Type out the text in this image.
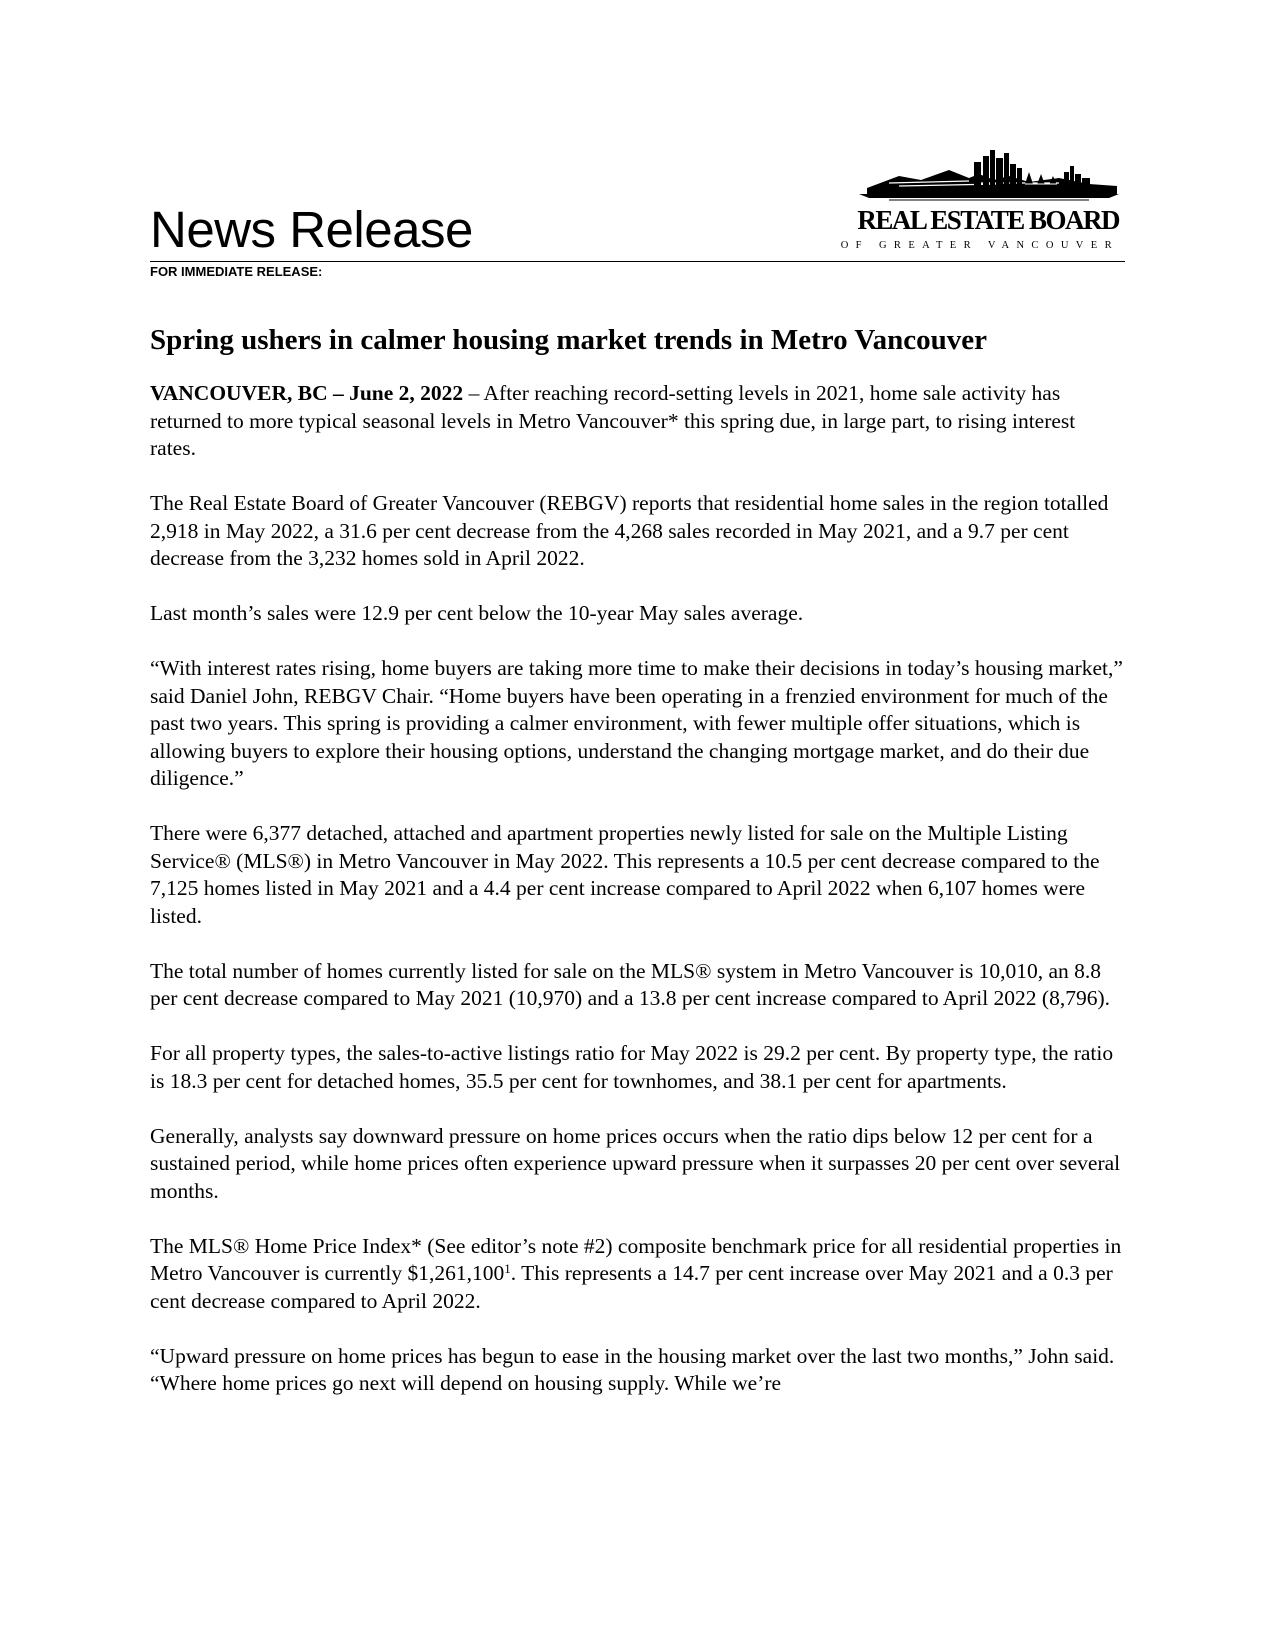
News Release	REAL ESTATE BOARD
OF GREATER VANCOUVER
FOR IMMEDIATE RELEASE:
Spring ushers in calmer housing market trends in Metro Vancouver

VANCOUVER, BC – June 2, 2022 – After reaching record-setting levels in 2021, home sale activity has returned to more typical seasonal levels in Metro Vancouver* this spring due, in large part, to rising interest rates.

The Real Estate Board of Greater Vancouver (REBGV) reports that residential home sales in the region totalled 2,918 in May 2022, a 31.6 per cent decrease from the 4,268 sales recorded in May 2021, and a 9.7 per cent decrease from the 3,232 homes sold in April 2022.

Last month’s sales were 12.9 per cent below the 10-year May sales average.

“With interest rates rising, home buyers are taking more time to make their decisions in today’s housing market,” said Daniel John, REBGV Chair. “Home buyers have been operating in a frenzied environment for much of the past two years. This spring is providing a calmer environment, with fewer multiple offer situations, which is allowing buyers to explore their housing options, understand the changing mortgage market, and do their due diligence.”

There were 6,377 detached, attached and apartment properties newly listed for sale on the Multiple Listing Service® (MLS®) in Metro Vancouver in May 2022. This represents a 10.5 per cent decrease compared to the 7,125 homes listed in May 2021 and a 4.4 per cent increase compared to April 2022 when 6,107 homes were listed.

The total number of homes currently listed for sale on the MLS® system in Metro Vancouver is 10,010, an 8.8 per cent decrease compared to May 2021 (10,970) and a 13.8 per cent increase compared to April 2022 (8,796).

For all property types, the sales-to-active listings ratio for May 2022 is 29.2 per cent. By property type, the ratio is 18.3 per cent for detached homes, 35.5 per cent for townhomes, and 38.1 per cent for apartments.

Generally, analysts say downward pressure on home prices occurs when the ratio dips below 12 per cent for a sustained period, while home prices often experience upward pressure when it surpasses 20 per cent over several months.

The MLS® Home Price Index* (See editor’s note #2) composite benchmark price for all residential properties in Metro Vancouver is currently $1,261,100$^1$. This represents a 14.7 per cent increase over May 2021 and a 0.3 per cent decrease compared to April 2022.

“Upward pressure on home prices has begun to ease in the housing market over the last two months,” John said. “Where home prices go next will depend on housing supply. While we’re
